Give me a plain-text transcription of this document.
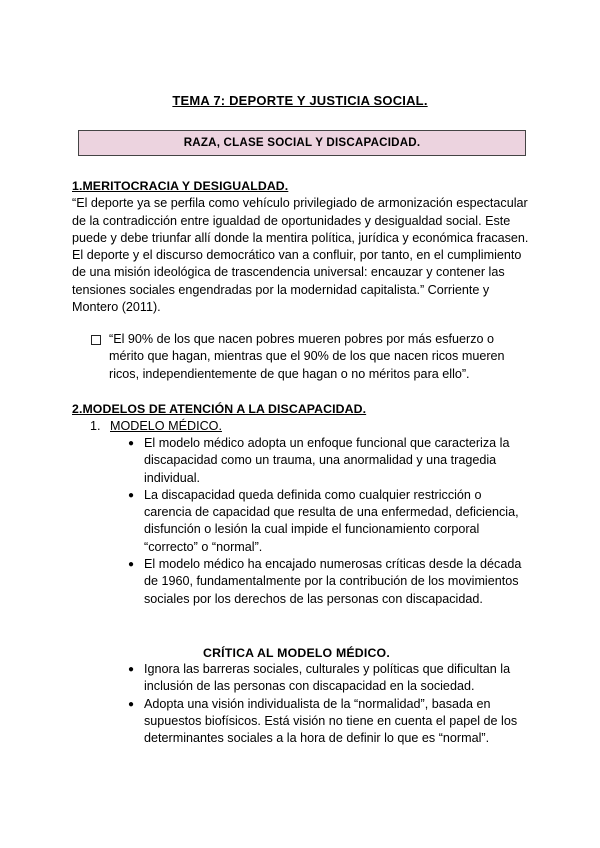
TEMA 7: DEPORTE Y JUSTICIA SOCIAL.
RAZA, CLASE SOCIAL Y DISCAPACIDAD.
1.MERITOCRACIA Y DESIGUALDAD.
“El deporte ya se perfila como vehículo privilegiado de armonización espectacular de la contradicción entre igualdad de oportunidades y desigualdad social. Este puede y debe triunfar allí donde la mentira política, jurídica y económica fracasen. El deporte y el discurso democrático van a confluir, por tanto, en el cumplimiento de una misión ideológica de trascendencia universal: encauzar y contener las tensiones sociales engendradas por la modernidad capitalista.” Corriente y Montero (2011).
“El 90% de los que nacen pobres mueren pobres por más esfuerzo o mérito que hagan, mientras que el 90% de los que nacen ricos mueren ricos, independientemente de que hagan o no méritos para ello”.
2.MODELOS DE ATENCIÓN A LA DISCAPACIDAD.
1. MODELO MÉDICO.
● El modelo médico adopta un enfoque funcional que caracteriza la discapacidad como un trauma, una anormalidad y una tragedia individual.
● La discapacidad queda definida como cualquier restricción o carencia de capacidad que resulta de una enfermedad, deficiencia, disfunción o lesión la cual impide el funcionamiento corporal “correcto” o “normal”.
● El modelo médico ha encajado numerosas críticas desde la década de 1960, fundamentalmente por la contribución de los movimientos sociales por los derechos de las personas con discapacidad.
CRÍTICA AL MODELO MÉDICO.
● Ignora las barreras sociales, culturales y políticas que dificultan la inclusión de las personas con discapacidad en la sociedad.
● Adopta una visión individualista de la “normalidad”, basada en supuestos biofísicos. Está visión no tiene en cuenta el papel de los determinantes sociales a la hora de definir lo que es “normal”.
